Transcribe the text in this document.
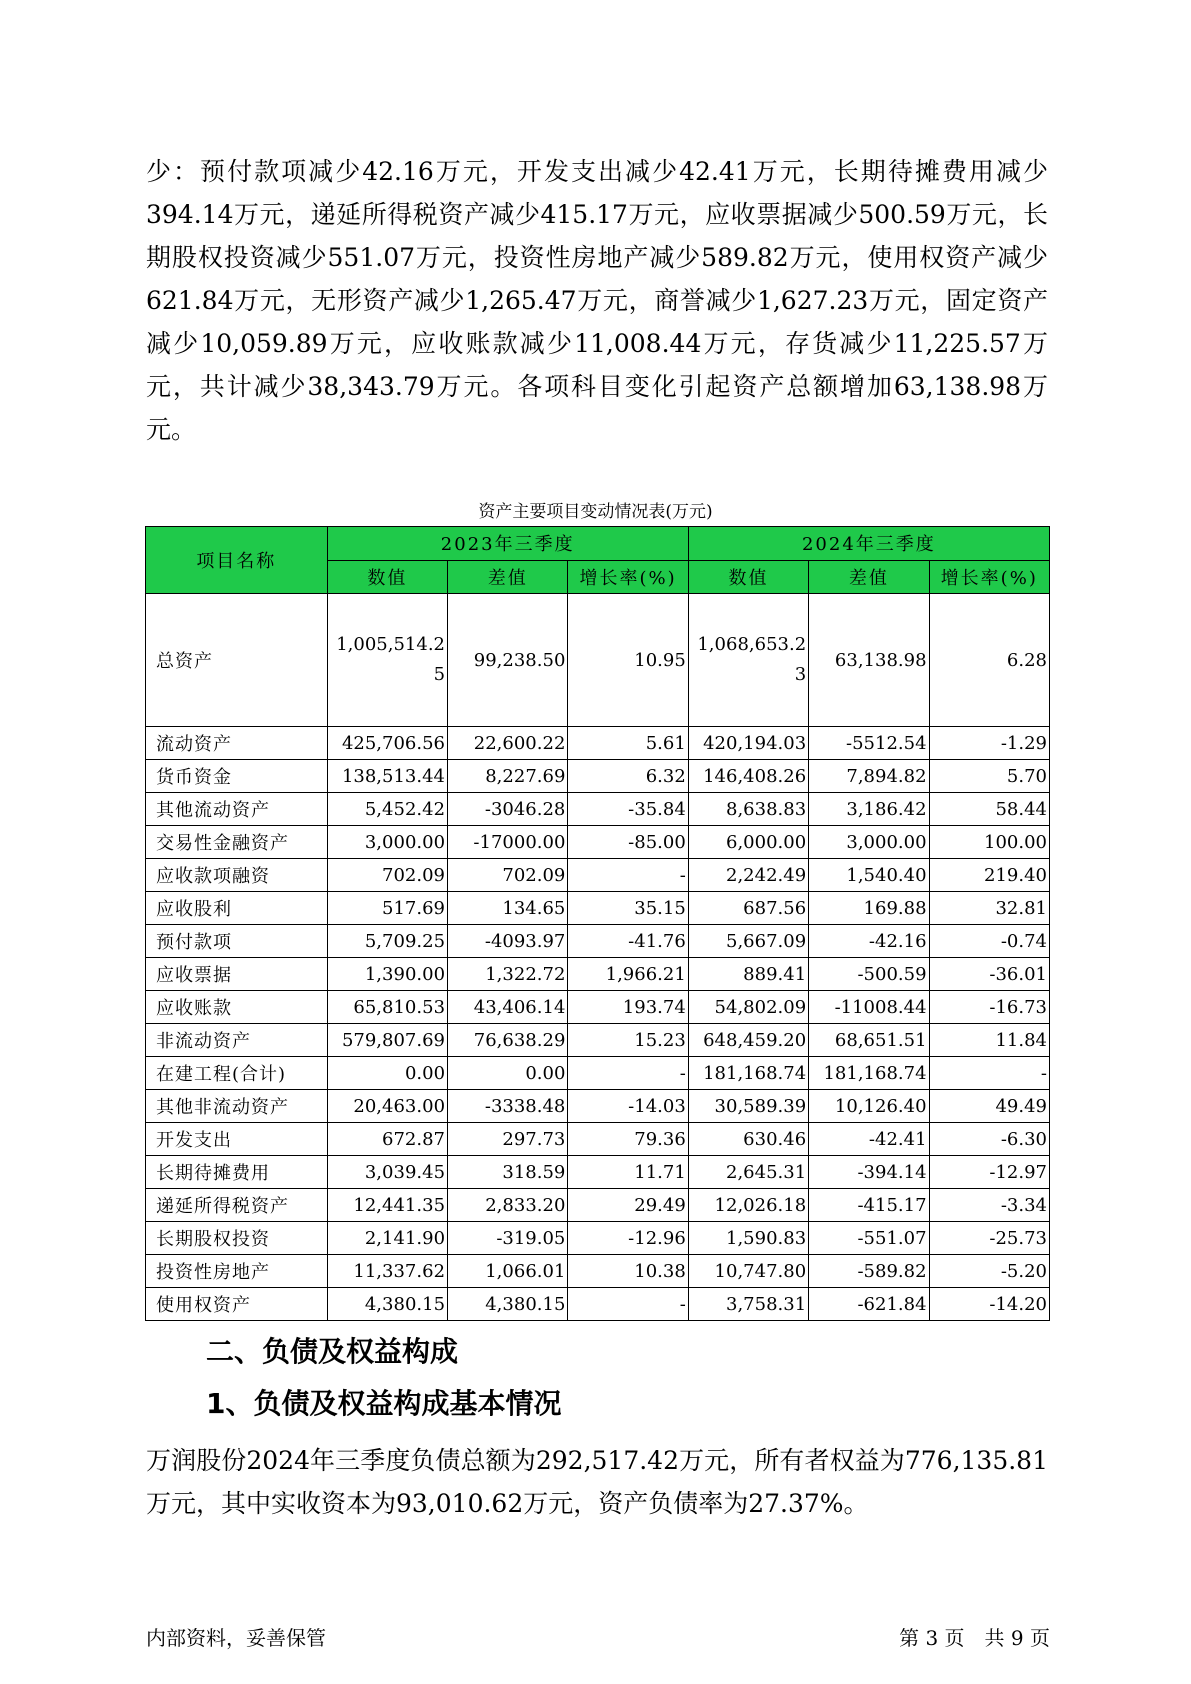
少：预付款项减少42.16万元，开发支出减少42.41万元，长期待摊费用减少394.14万元，递延所得税资产减少415.17万元，应收票据减少500.59万元，长期股权投资减少551.07万元，投资性房地产减少589.82万元，使用权资产减少621.84万元，无形资产减少1,265.47万元，商誉减少1,627.23万元，固定资产减少10,059.89万元，应收账款减少11,008.44万元，存货减少11,225.57万元，共计减少38,343.79万元。各项科目变化引起资产总额增加63,138.98万元。

资产主要项目变动情况表(万元)
项目名称	2023年三季度			2024年三季度		
	数值	差值	增长率(%)	数值	差值	增长率(%)
总资产	1,005,514.25	99,238.50	10.95	1,068,653.23	63,138.98	6.28
流动资产	425,706.56	22,600.22	5.61	420,194.03	-5512.54	-1.29
货币资金	138,513.44	8,227.69	6.32	146,408.26	7,894.82	5.70
其他流动资产	5,452.42	-3046.28	-35.84	8,638.83	3,186.42	58.44
交易性金融资产	3,000.00	-17000.00	-85.00	6,000.00	3,000.00	100.00
应收款项融资	702.09	702.09	-	2,242.49	1,540.40	219.40
应收股利	517.69	134.65	35.15	687.56	169.88	32.81
预付款项	5,709.25	-4093.97	-41.76	5,667.09	-42.16	-0.74
应收票据	1,390.00	1,322.72	1,966.21	889.41	-500.59	-36.01
应收账款	65,810.53	43,406.14	193.74	54,802.09	-11008.44	-16.73
非流动资产	579,807.69	76,638.29	15.23	648,459.20	68,651.51	11.84
在建工程(合计)	0.00	0.00	-	181,168.74	181,168.74	-
其他非流动资产	20,463.00	-3338.48	-14.03	30,589.39	10,126.40	49.49
开发支出	672.87	297.73	79.36	630.46	-42.41	-6.30
长期待摊费用	3,039.45	318.59	11.71	2,645.31	-394.14	-12.97
递延所得税资产	12,441.35	2,833.20	29.49	12,026.18	-415.17	-3.34
长期股权投资	2,141.90	-319.05	-12.96	1,590.83	-551.07	-25.73
投资性房地产	11,337.62	1,066.01	10.38	10,747.80	-589.82	-5.20
使用权资产	4,380.15	4,380.15	-	3,758.31	-621.84	-14.20
二、负债及权益构成
1、负债及权益构成基本情况

万润股份2024年三季度负债总额为292,517.42万元，所有者权益为776,135.81万元，其中实收资本为93,010.62万元，资产负债率为27.37%。

内部资料，妥善保管	第 3 页　共 9 页
